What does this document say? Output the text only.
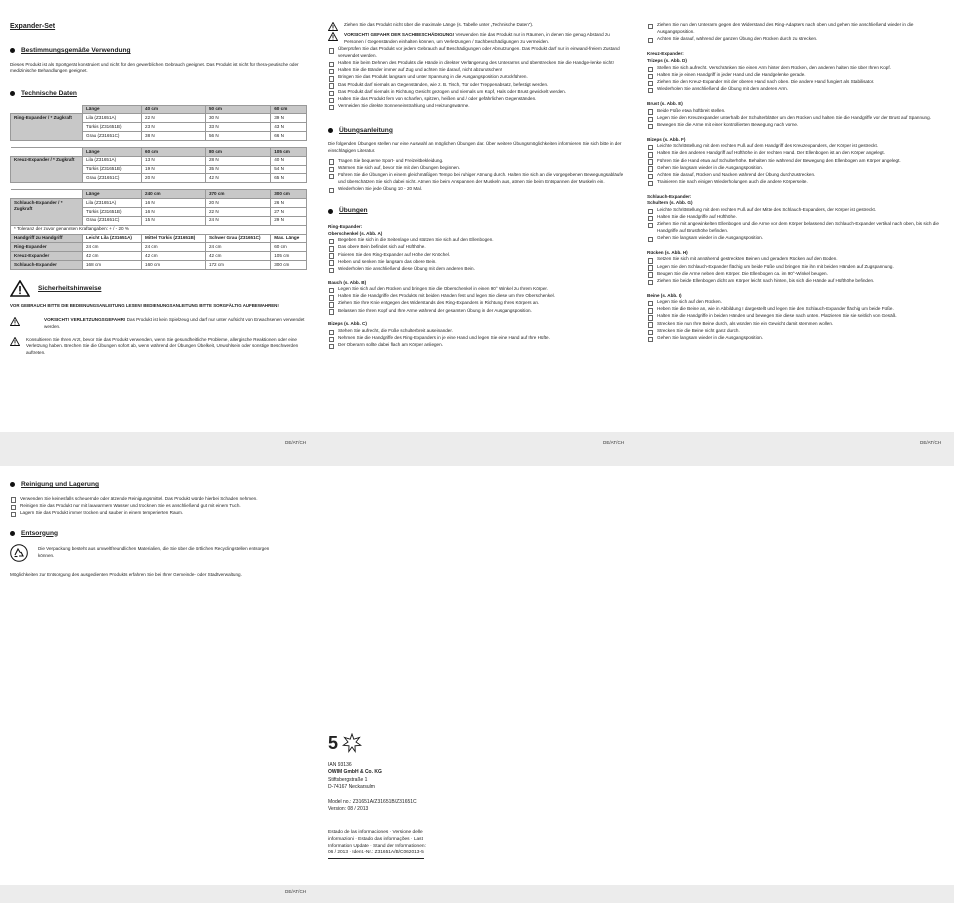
DE/AT/CH	DE/AT/CH	DE/AT/CH
DE/AT/CH
Expander-Set
Bestimmungsgemäße Verwendung

Dieses Produkt ist als Sportgerät konstruiert und nicht für den gewerblichen Gebrauch geeignet. Das Produkt ist nicht für thera-peutische oder medizinische Behandlungen geeignet.

Technische Daten
	Länge	40 cm	50 cm	60 cm
Ring-Expander / * Zugkraft	Lila (Z31651A)	22 N	30 N	39 N
	Türkis (Z31651B)	23 N	33 N	43 N
	Grau (Z31651C)	38 N	56 N	66 N

	Länge	60 cm	80 cm	105 cm
Kreuz-Expander / * Zugkraft	Lila (Z31651A)	13 N	28 N	40 N
	Türkis (Z31651B)	19 N	35 N	54 N
	Grau (Z31651C)	20 N	42 N	65 N

	Länge	240 cm	370 cm	300 cm
Schlauch-Expander / * Zugkraft	Lila (Z31651A)	16 N	20 N	26 N
	Türkis (Z31651B)	16 N	22 N	27 N
	Grau (Z31651C)	15 N	24 N	29 N
* Toleranz der zuvor genannten Kraftangaben: + / - 20 %				
Handgriff zu Handgriff	Leicht Lila (Z31651A)	Mittel Türkis (Z31651B)	Schwer Grau (Z31651C)	Max. Länge
Ring-Expander	24 cm	24 cm	24 cm	60 cm
Kreuz-Expander	42 cm	42 cm	42 cm	105 cm
Schlauch-Expander	168 cm	160 cm	172 cm	300 cm
Sicherheitshinweise

VOR GEBRAUCH BITTE DIE BEDIENUNGSANLEITUNG LESEN! BEDIENUNGSANLEITUNG BITTE SORGFÄLTIG AUFBEWAHREN!

VORSICHT! VERLETZUNGSGEFAHR! Das Produkt ist kein Spielzeug und darf nur unter Aufsicht von Erwachsenen verwendet werden.
Konsultieren Sie Ihren Arzt, bevor Sie das Produkt verwenden, wenn Sie gesundheitliche Probleme, allergische Reaktionen oder eine Verletzung haben. Brechen Sie die Übungen sofort ab, wenn während der Übungen Übelkeit, Unwohlsein oder sonstige Beschwerden auftreten.
Ziehen Sie das Produkt nicht über die maximale Länge (s. Tabelle unter „Technische Daten").
VORSICHT! GEFAHR DER SACHBESCHÄDIGUNG! Verwenden Sie das Produkt nur in Räumen, in denen Sie genug Abstand zu Personen / Gegenständen einhalten können, um Verletzungen / Sachbeschädigungen zu vermeiden.
Überprüfen Sie das Produkt vor jedem Gebrauch auf Beschädigungen oder Abnutzungen. Das Produkt darf nur in einwand-freiem Zustand verwendet werden.
Halten Sie beim Dehnen des Produkts die Hände in direkter Verlängerung des Unterarms und überstrecken Sie die Handge-lenke nicht!
Halten Sie die Bänder immer auf Zug und achten Sie darauf, nicht abzurutschen!
Bringen Sie das Produkt langsam und unter Spannung in die Ausgangsposition zurückführen.
Das Produkt darf niemals an Gegenständen, wie z. B. Tisch, Tür oder Treppenabsatz, befestigt werden.
Das Produkt darf niemals in Richtung Gesicht gezogen und niemals um Kopf, Hals oder Brust gewickelt werden.
Halten Sie das Produkt fern von scharfen, spitzen, heißen und / oder gefährlichen Gegenständen.
Vermeiden Sie direkte Sonneneinstrahlung und Heizungswärme.
Übungsanleitung

Die folgenden Übungen stellen nur eine Auswahl an möglichen Übungen dar. Über weitere Übungsmöglichkeiten informieren Sie sich bitte in der einschlägigen Literatur.

Tragen Sie bequeme Sport- und Freizeitbekleidung.
Wärmen Sie sich auf, bevor Sie mit den Übungen beginnen.
Führen Sie die Übungen in einem gleichmäßigen Tempo bei ruhiger Atmung durch. Halten Sie sich an die vorgegebenen Bewegungsabläufe und überschätzen Sie sich dabei nicht. Atmen Sie beim Anspannen der Muskeln aus, atmen Sie beim Entspannen der Muskeln ein.
Wiederholen Sie jede Übung 10 - 20 Mal.
Übungen
Ring-Expander:
Oberschenkel (s. Abb. A)
Begeben Sie sich in die Seitenlage und stützen Sie sich auf den Ellenbogen.
Das obere Bein befindet sich auf Hüfthöhe.
Fixieren Sie den Ring-Expander auf Höhe der Knöchel.
Heben und senken Sie langsam das obere Bein.
Wiederholen Sie anschließend diese Übung mit dem anderen Bein.
Bauch (s. Abb. B)
Legen Sie sich auf den Rücken und bringen Sie die Oberschenkel in einen 90° Winkel zu Ihrem Körper.
Halten Sie die Handgriffe des Produkts mit beiden Händen fest und legen Sie diese um Ihre Oberschenkel.
Ziehen Sie Ihre Knie entgegen des Widerstands des Ring-Expanders in Richtung Ihres Körpers an.
Belassen Sie Ihren Kopf und Ihre Arme während der gesamten Übung in der Ausgangsposition.
Bizeps (s. Abb. C)
Stehen Sie aufrecht, die Füße schulterbreit auseinander.
Nehmen Sie die Handgriffe des Ring-Expanders in je eine Hand und legen Sie eine Hand auf Ihre Hüfte.
Der Oberarm sollte dabei flach am Körper anliegen.
Ziehen Sie nun den Unterarm gegen den Widerstand des Ring-Adapters nach oben und gehen Sie anschließend wieder in die Ausgangsposition.
Achten Sie darauf, während der ganzen Übung den Rücken durch zu strecken.
Kreuz-Expander:
Trizeps (s. Abb. D)
Stellen Sie sich aufrecht. Verschränken Sie einen Arm hinter dem Rücken, den anderen halten Sie über Ihren Kopf.
Halten Sie je einen Handgriff in jeder Hand und die Handgelenke gerade.
Ziehen Sie den Kreuz-Expander mit der oberen Hand nach oben. Die andere Hand fungiert als Stabilisator.
Wiederholen Sie anschließend die Übung mit dem anderen Arm.
Brust (s. Abb. E)
Beide Füße etwa hüftbreit stellen.
Legen Sie den Kreuzexpander unterhalb der Schulterblätter um den Rücken und halten Sie die Handgriffe vor der Brust auf Spannung.
Bewegen Sie die Arme mit einer kontrollierten Bewegung nach vorne.
Bizeps (s. Abb. F)
Leichte Schrittstellung mit dem rechten Fuß auf dem Handgriff des Kreuzexpanders, der Körper ist gestreckt.
Halten Sie den anderen Handgriff auf Hüfthöhe in der rechten Hand. Der Ellenbogen ist an den Körper angelegt.
Führen Sie die Hand etwa auf Schulterhöhe. Behalten Sie während der Bewegung den Ellenbogen am Körper angelegt.
Gehen Sie langsam wieder in die Ausgangsposition.
Achten Sie darauf, Rücken und Nacken während der Übung durchzustrecken.
Trainieren Sie nach einigen Wiederholungen auch die andere Körperseite.
Schlauch-Expander:
Schultern (s. Abb. G)
Leichte Schrittstellung mit dem rechten Fuß auf der Mitte des Schlauch-Expanders, der Körper ist gestreckt.
Halten Sie die Handgriffe auf Hüfthöhe.
Ziehen Sie mit angewinkelten Ellenbogen und die Arme vor dem Körper belassend den Schlauch-Expander vertikal nach oben, bis sich die Handgriffe auf Brusthöhe befinden.
Gehen Sie langsam wieder in die Ausgangsposition.
Rücken (s. Abb. H)
Setzen Sie sich mit annähernd gestreckten Beinen und geradem Rücken auf den Boden.
Legen Sie den Schlauch-Expander flächig um beide Füße und bringen Sie ihn mit beiden Händen auf Zugspannung.
Beugen Sie die Arme neben dem Körper. Die Ellenbogen ca. im 90°-Winkel beugen.
Ziehen Sie beide Ellenbogen dicht am Körper leicht nach hinten, bis sich die Hände auf Hüfthöhe befinden.
Beine (s. Abb. I)
Legen Sie sich auf den Rücken.
Heben Sie die Beine an, wie in Abbildung I dargestellt und legen Sie den Schlauch-Expander flächig um beide Füße.
Halten Sie die Handgriffe in beiden Händen und bewegen Sie diese nach unten. Platzieren Sie sie seitlich von Gesäß.
Strecken Sie nun Ihre Beine durch, als würden Sie ein Gewicht damit stemmen wollen.
Strecken Sie die Beine nicht ganz durch.
Gehen Sie langsam wieder in die Ausgangsposition.
Reinigung und Lagerung
Verwenden Sie keinesfalls scheuernde oder ätzende Reinigungsmittel. Das Produkt würde hierbei Schaden nehmen.
Reinigen Sie das Produkt nur mit lauwarmem Wasser und trocknen Sie es anschließend gut mit einem Tuch.
Lagern Sie das Produkt immer trocken und sauber in einem temperierten Raum.
Entsorgung

Die Verpackung besteht aus umweltfreundlichen Materialien, die Sie über die örtlichen Recyclingstellen entsorgen können.

Möglichkeiten zur Entsorgung des ausgedienten Produkts erfahren Sie bei Ihrer Gemeinde- oder Stadtverwaltung.

5
IAN 93136
OWIM GmbH & Co. KG
Stiftsbergstraße 1
D-74167 Neckarsulm
Model no.: Z31651A/Z31651B/Z31651C
Version: 08 / 2013
Estado de las informaciones · Versione delle
informazioni · Estado das informações · Last
Information Update · Stand der Informationen:
06 / 2013 · Ident.-Nr.: Z31651A/B/C062013-5
